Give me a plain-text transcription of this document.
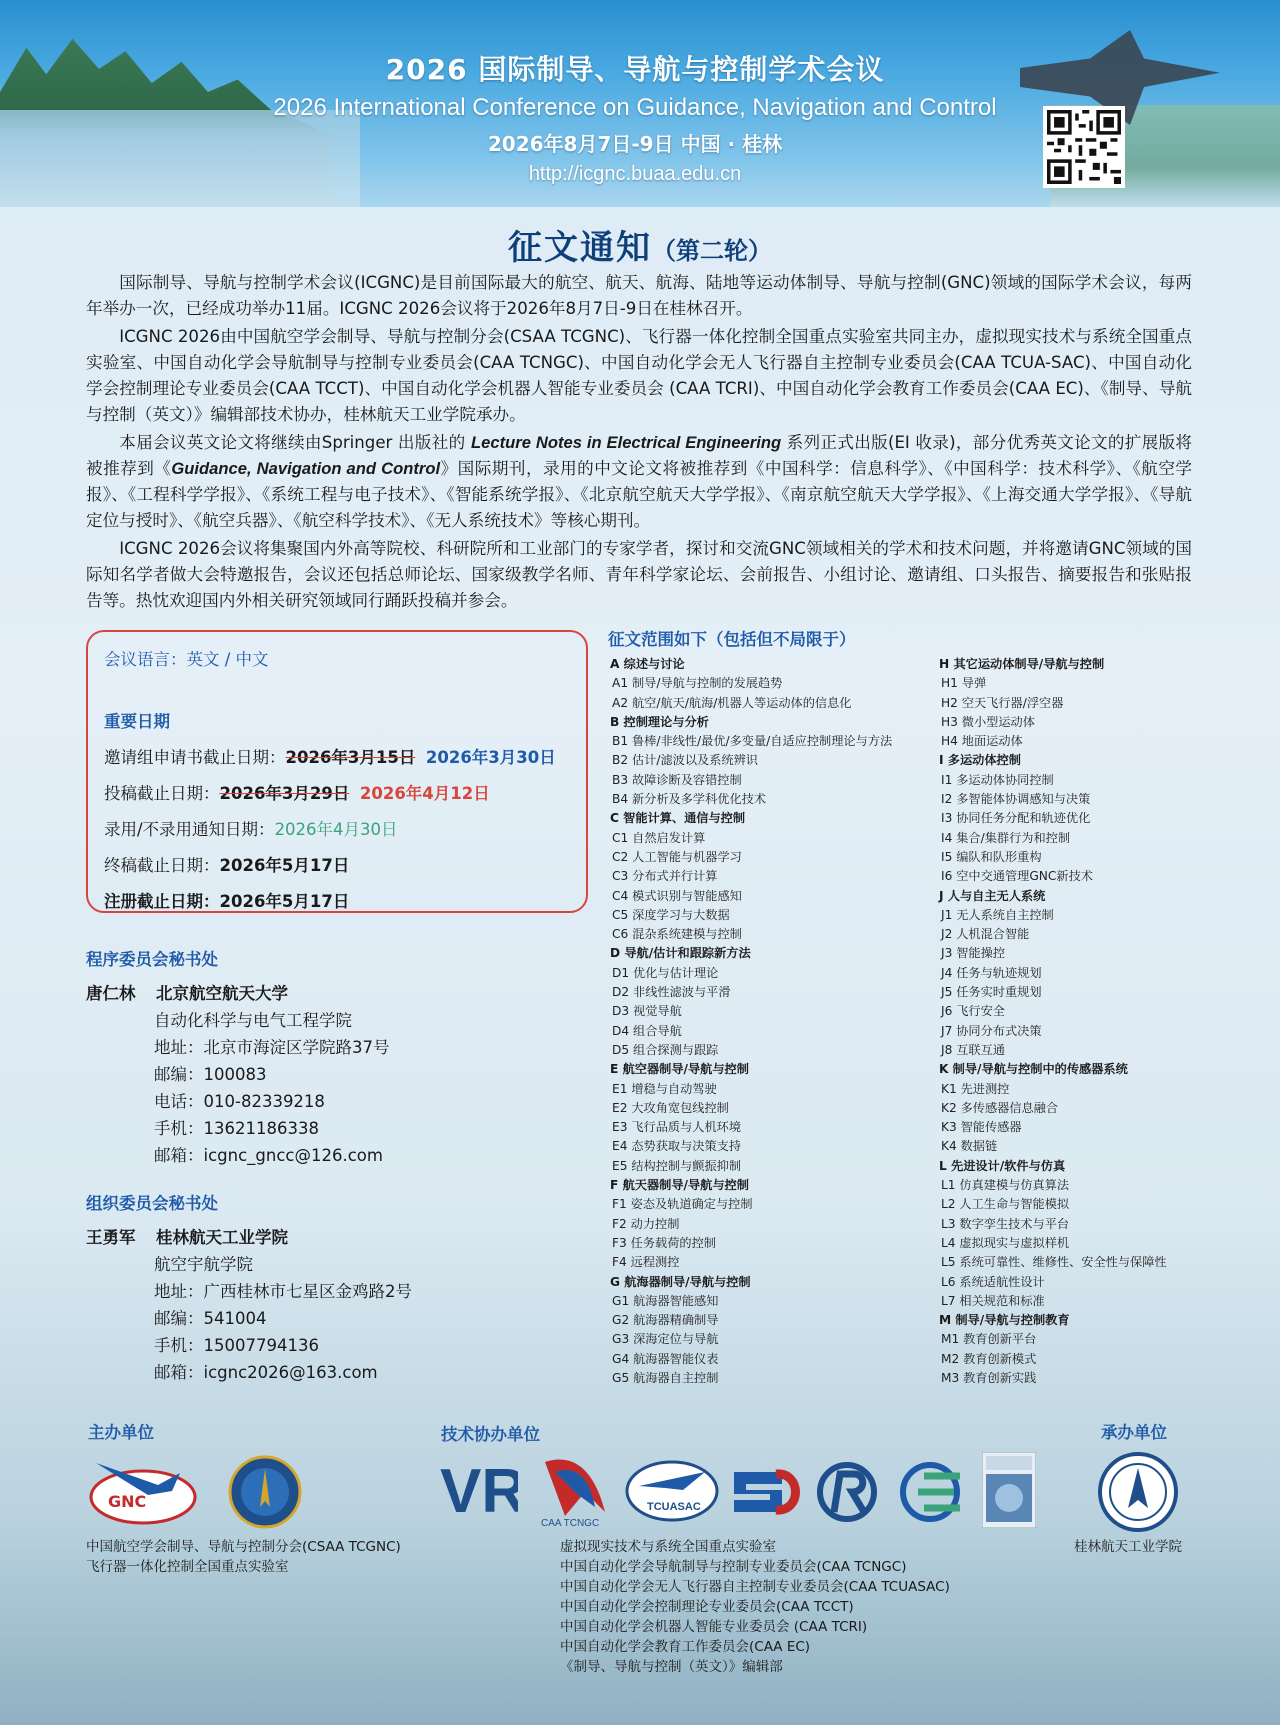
2026 国际制导、导航与控制学术会议
2026 International Conference on Guidance, Navigation and Control
2026年8月7日-9日 中国 · 桂林
http://icgnc.buaa.edu.cn
征文通知（第二轮）

国际制导、导航与控制学术会议(ICGNC)是目前国际最大的航空、航天、航海、陆地等运动体制导、导航与控制(GNC)领域的国际学术会议，每两年举办一次，已经成功举办11届。ICGNC 2026会议将于2026年8月7日-9日在桂林召开。

ICGNC 2026由中国航空学会制导、导航与控制分会(CSAA TCGNC)、飞行器一体化控制全国重点实验室共同主办，虚拟现实技术与系统全国重点实验室、中国自动化学会导航制导与控制专业委员会(CAA TCNGC)、中国自动化学会无人飞行器自主控制专业委员会(CAA TCUA-SAC)、中国自动化学会控制理论专业委员会(CAA TCCT)、中国自动化学会机器人智能专业委员会 (CAA TCRI)、中国自动化学会教育工作委员会(CAA EC)、《制导、导航与控制（英文）》编辑部技术协办，桂林航天工业学院承办。

本届会议英文论文将继续由Springer 出版社的 Lecture Notes in Electrical Engineering 系列正式出版(EI 收录)，部分优秀英文论文的扩展版将被推荐到《Guidance, Navigation and Control》国际期刊，录用的中文论文将被推荐到《中国科学：信息科学》、《中国科学：技术科学》、《航空学报》、《工程科学学报》、《系统工程与电子技术》、《智能系统学报》、《北京航空航天大学学报》、《南京航空航天大学学报》、《上海交通大学学报》、《导航定位与授时》、《航空兵器》、《航空科学技术》、《无人系统技术》等核心期刊。

ICGNC 2026会议将集聚国内外高等院校、科研院所和工业部门的专家学者，探讨和交流GNC领域相关的学术和技术问题，并将邀请GNC领域的国际知名学者做大会特邀报告，会议还包括总师论坛、国家级教学名师、青年科学家论坛、会前报告、小组讨论、邀请组、口头报告、摘要报告和张贴报告等。热忱欢迎国内外相关研究领域同行踊跃投稿并参会。

会议语言：英文 / 中文
重要日期
邀请组申请书截止日期：2026年3月15日 2026年3月30日
投稿截止日期：2026年3月29日 2026年4月12日
录用/不录用通知日期：2026年4月30日
终稿截止日期：2026年5月17日
注册截止日期：2026年5月17日
程序委员会秘书处
唐仁林	北京航空航天大学
自动化科学与电气工程学院
地址：北京市海淀区学院路37号
邮编：100083
电话：010-82339218
手机：13621186338
邮箱：icgnc_gncc@126.com
组织委员会秘书处
王勇军	桂林航天工业学院
航空宇航学院
地址：广西桂林市七星区金鸡路2号
邮编：541004
手机：15007794136
邮箱：icgnc2026@163.com
征文范围如下（包括但不局限于）
A 综述与讨论
A1 制导/导航与控制的发展趋势
A2 航空/航天/航海/机器人等运动体的信息化
B 控制理论与分析
B1 鲁棒/非线性/最优/多变量/自适应控制理论与方法
B2 估计/滤波以及系统辨识
B3 故障诊断及容错控制
B4 新分析及多学科优化技术
C 智能计算、通信与控制
C1 自然启发计算
C2 人工智能与机器学习
C3 分布式并行计算
C4 模式识别与智能感知
C5 深度学习与大数据
C6 混杂系统建模与控制
D 导航/估计和跟踪新方法
D1 优化与估计理论
D2 非线性滤波与平滑
D3 视觉导航
D4 组合导航
D5 组合探测与跟踪
E 航空器制导/导航与控制
E1 增稳与自动驾驶
E2 大攻角宽包线控制
E3 飞行品质与人机环境
E4 态势获取与决策支持
E5 结构控制与颤振抑制
F 航天器制导/导航与控制
F1 姿态及轨道确定与控制
F2 动力控制
F3 任务载荷的控制
F4 远程测控
G 航海器制导/导航与控制
G1 航海器智能感知
G2 航海器精确制导
G3 深海定位与导航
G4 航海器智能仪表
G5 航海器自主控制
H 其它运动体制导/导航与控制
H1 导弹
H2 空天飞行器/浮空器
H3 微小型运动体
H4 地面运动体
I 多运动体控制
I1 多运动体协同控制
I2 多智能体协调感知与决策
I3 协同任务分配和轨迹优化
I4 集合/集群行为和控制
I5 编队和队形重构
I6 空中交通管理GNC新技术
J 人与自主无人系统
J1 无人系统自主控制
J2 人机混合智能
J3 智能操控
J4 任务与轨迹规划
J5 任务实时重规划
J6 飞行安全
J7 协同分布式决策
J8 互联互通
K 制导/导航与控制中的传感器系统
K1 先进测控
K2 多传感器信息融合
K3 智能传感器
K4 数据链
L 先进设计/软件与仿真
L1 仿真建模与仿真算法
L2 人工生命与智能模拟
L3 数字孪生技术与平台
L4 虚拟现实与虚拟样机
L5 系统可靠性、维修性、安全性与保障性
L6 系统适航性设计
L7 相关规范和标准
M 制导/导航与控制教育
M1 教育创新平台
M2 教育创新模式
M3 教育创新实践
主办单位	技术协办单位	承办单位
GNC	VR CAA TCNGC
TCUASAC
中国航空学会制导、导航与控制分会(CSAA TCGNC)
飞行器一体化控制全国重点实验室
虚拟现实技术与系统全国重点实验室
中国自动化学会导航制导与控制专业委员会(CAA TCNGC)
中国自动化学会无人飞行器自主控制专业委员会(CAA TCUASAC)
中国自动化学会控制理论专业委员会(CAA TCCT)
中国自动化学会机器人智能专业委员会 (CAA TCRI)
中国自动化学会教育工作委员会(CAA EC)
《制导、导航与控制（英文）》编辑部
桂林航天工业学院
